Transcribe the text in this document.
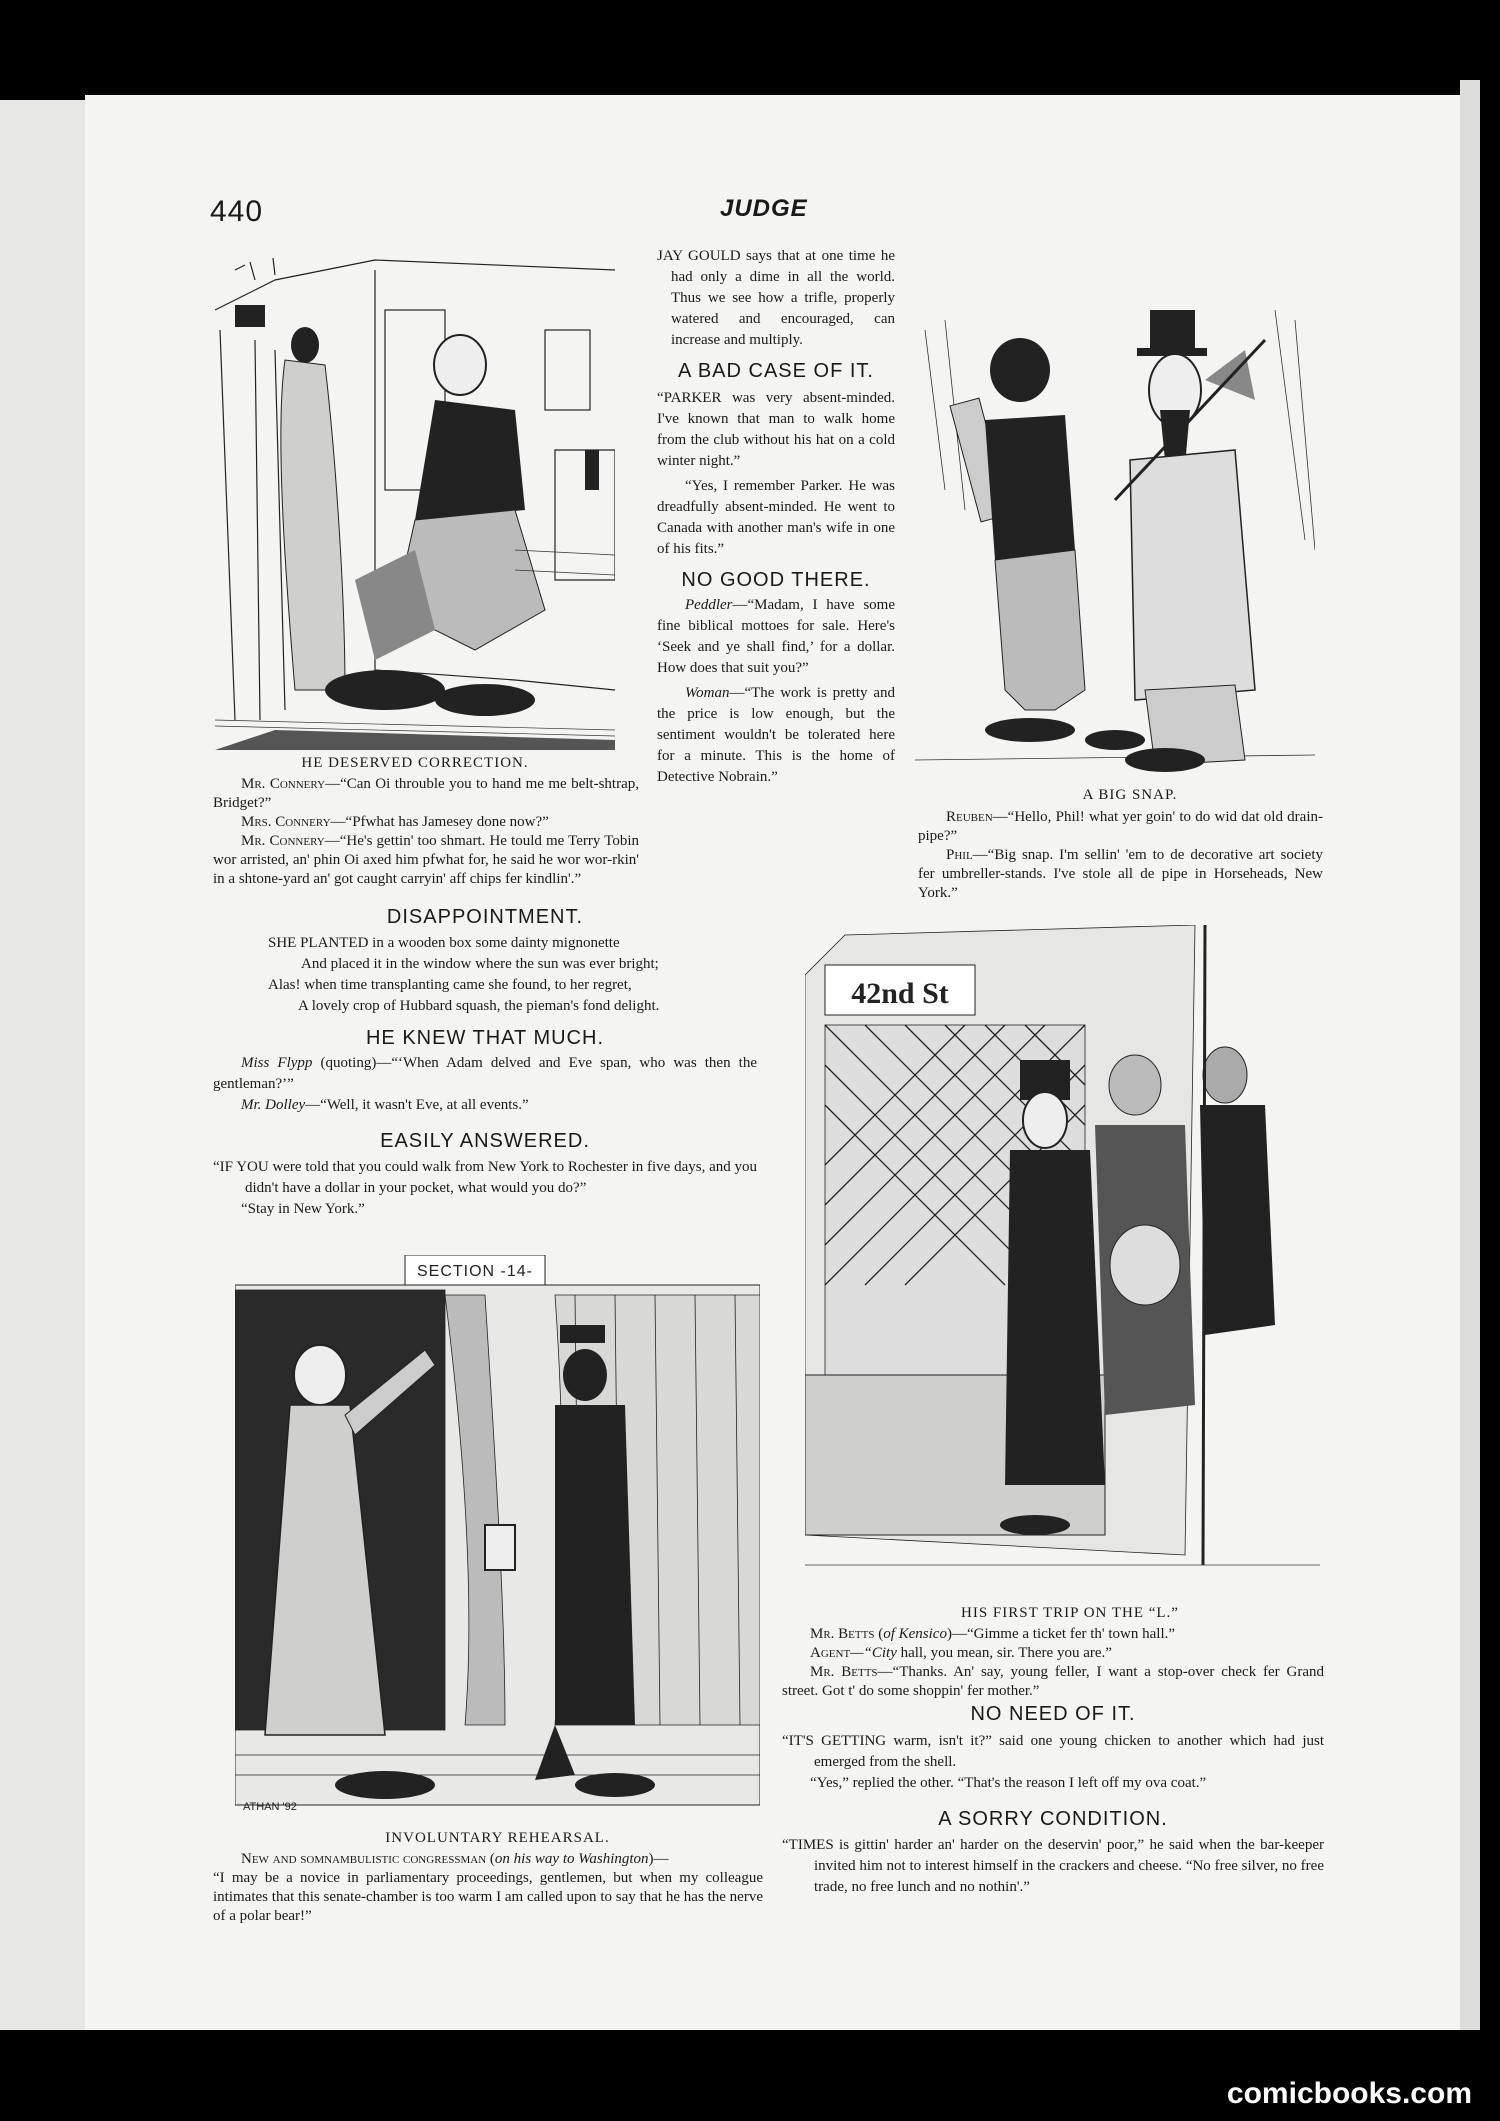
440	JUDGE
HE DESERVED CORRECTION.

Mr. Connery—“Can Oi throuble you to hand me me belt-shtrap, Bridget?”

Mrs. Connery—“Pfwhat has Jamesey done now?”

Mr. Connery—“He's gettin' too shmart. He tould me Terry Tobin wor arristed, an' phin Oi axed him pfwhat for, he said he wor wor-rkin' in a shtone-yard an' got caught carryin' aff chips fer kindlin'.”

JAY GOULD says that at one time he had only a dime in all the world. Thus we see how a trifle, properly watered and encouraged, can increase and multiply.

A BAD CASE OF IT.

“PARKER was very absent-minded. I've known that man to walk home from the club without his hat on a cold winter night.”

“Yes, I remember Parker. He was dreadfully absent-minded. He went to Canada with another man's wife in one of his fits.”

NO GOOD THERE.

Peddler—“Madam, I have some fine biblical mottoes for sale. Here's ‘Seek and ye shall find,’ for a dollar. How does that suit you?”

Woman—“The work is pretty and the price is low enough, but the sentiment wouldn't be tolerated here for a minute. This is the home of Detective Nobrain.”

A BIG SNAP.

Reuben—“Hello, Phil! what yer goin' to do wid dat old drain-pipe?”

Phil—“Big snap. I'm sellin' 'em to de decorative art society fer umbreller-stands. I've stole all de pipe in Horseheads, New York.”

DISAPPOINTMENT.

SHE PLANTED in a wooden box some dainty mignonette

And placed it in the window where the sun was ever bright;

Alas! when time transplanting came she found, to her regret,

A lovely crop of Hubbard squash, the pieman's fond delight.

HE KNEW THAT MUCH.

Miss Flypp (quoting)—“‘When Adam delved and Eve span, who was then the gentleman?’”

Mr. Dolley—“Well, it wasn't Eve, at all events.”

EASILY ANSWERED.

“IF YOU were told that you could walk from New York to Rochester in five days, and you didn't have a dollar in your pocket, what would you do?”

“Stay in New York.”

SECTION -14-
ATHAN '92
INVOLUNTARY REHEARSAL.

New and somnambulistic congressman (on his way to Washington)—

“I may be a novice in parliamentary proceedings, gentlemen, but when my colleague intimates that this senate-chamber is too warm I am called upon to say that he has the nerve of a polar bear!”

42nd St
HIS FIRST TRIP ON THE “L.”

Mr. Betts (of Kensico)—“Gimme a ticket fer th' town hall.”

Agent—“City hall, you mean, sir. There you are.”

Mr. Betts—“Thanks. An' say, young feller, I want a stop-over check fer Grand street. Got t' do some shoppin' fer mother.”

NO NEED OF IT.

“IT'S GETTING warm, isn't it?” said one young chicken to another which had just emerged from the shell.

“Yes,” replied the other. “That's the reason I left off my ova coat.”

A SORRY CONDITION.

“TIMES is gittin' harder an' harder on the deservin' poor,” he said when the bar-keeper invited him not to interest himself in the crackers and cheese. “No free silver, no free trade, no free lunch and no nothin'.”

comicbooks.com
